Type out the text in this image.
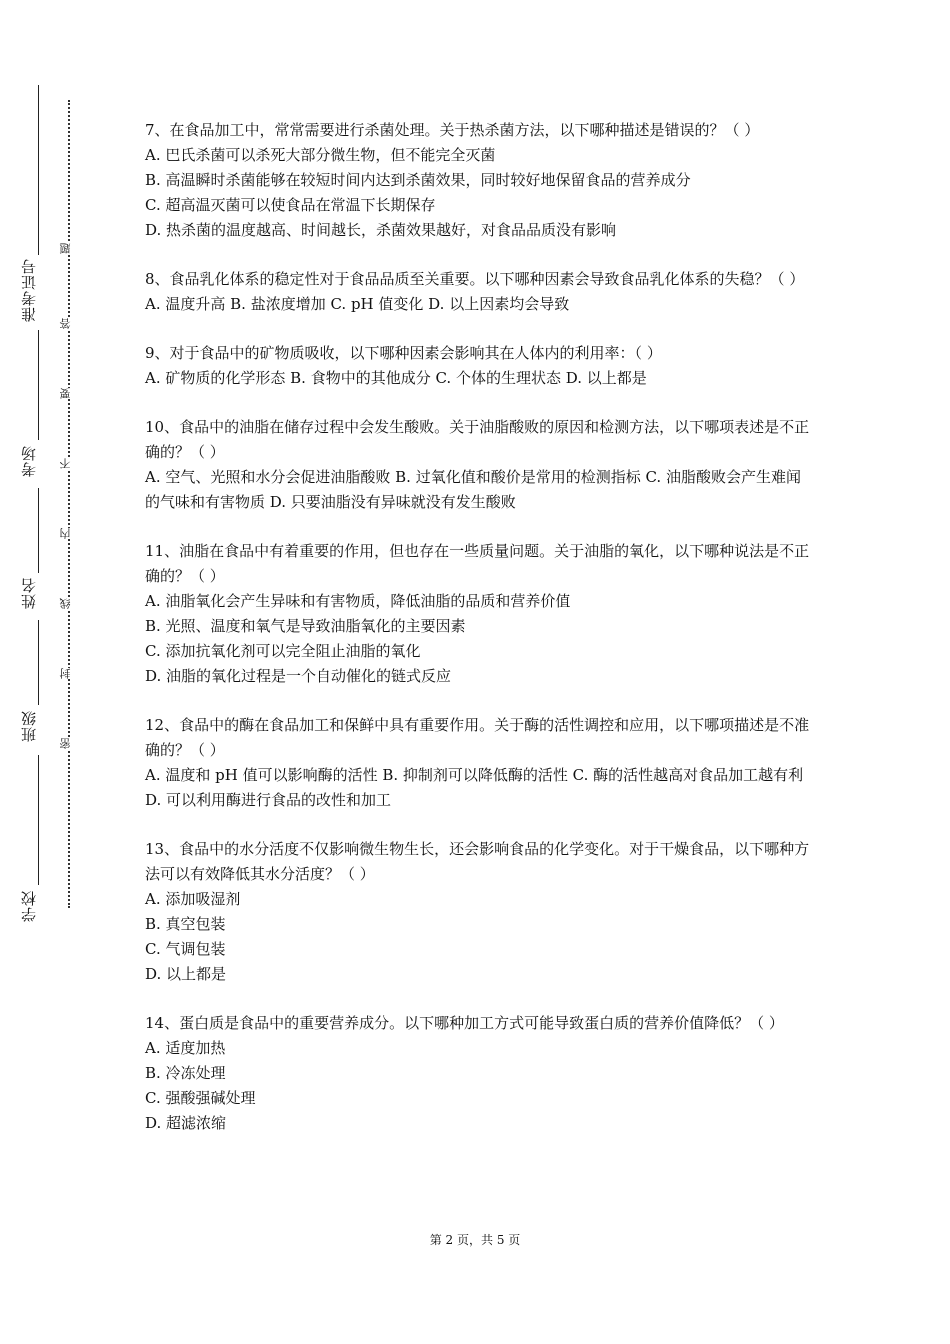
准考证号
考场
姓名
班级
学校
密
封
线
内
不
要
答
题

7、在食品加工中，常常需要进行杀菌处理。关于热杀菌方法，以下哪种描述是错误的？（ ）

A. 巴氏杀菌可以杀死大部分微生物，但不能完全灭菌

B. 高温瞬时杀菌能够在较短时间内达到杀菌效果，同时较好地保留食品的营养成分

C. 超高温灭菌可以使食品在常温下长期保存

D. 热杀菌的温度越高、时间越长，杀菌效果越好，对食品品质没有影响

8、食品乳化体系的稳定性对于食品品质至关重要。以下哪种因素会导致食品乳化体系的失稳？（ ）

A. 温度升高 B. 盐浓度增加 C. pH 值变化 D. 以上因素均会导致

9、对于食品中的矿物质吸收，以下哪种因素会影响其在人体内的利用率：（ ）

A. 矿物质的化学形态 B. 食物中的其他成分 C. 个体的生理状态 D. 以上都是

10、食品中的油脂在储存过程中会发生酸败。关于油脂酸败的原因和检测方法，以下哪项表述是不正确的？（ ）

A. 空气、光照和水分会促进油脂酸败 B. 过氧化值和酸价是常用的检测指标 C. 油脂酸败会产生难闻的气味和有害物质 D. 只要油脂没有异味就没有发生酸败

11、油脂在食品中有着重要的作用，但也存在一些质量问题。关于油脂的氧化，以下哪种说法是不正确的？（ ）

A. 油脂氧化会产生异味和有害物质，降低油脂的品质和营养价值

B. 光照、温度和氧气是导致油脂氧化的主要因素

C. 添加抗氧化剂可以完全阻止油脂的氧化

D. 油脂的氧化过程是一个自动催化的链式反应

12、食品中的酶在食品加工和保鲜中具有重要作用。关于酶的活性调控和应用，以下哪项描述是不准确的？（ ）

A. 温度和 pH 值可以影响酶的活性 B. 抑制剂可以降低酶的活性 C. 酶的活性越高对食品加工越有利 D. 可以利用酶进行食品的改性和加工

13、食品中的水分活度不仅影响微生物生长，还会影响食品的化学变化。对于干燥食品，以下哪种方法可以有效降低其水分活度？（ ）

A. 添加吸湿剂

B. 真空包装

C. 气调包装

D. 以上都是

14、蛋白质是食品中的重要营养成分。以下哪种加工方式可能导致蛋白质的营养价值降低？（ ）

A. 适度加热

B. 冷冻处理

C. 强酸强碱处理

D. 超滤浓缩

第 2 页，共 5 页
